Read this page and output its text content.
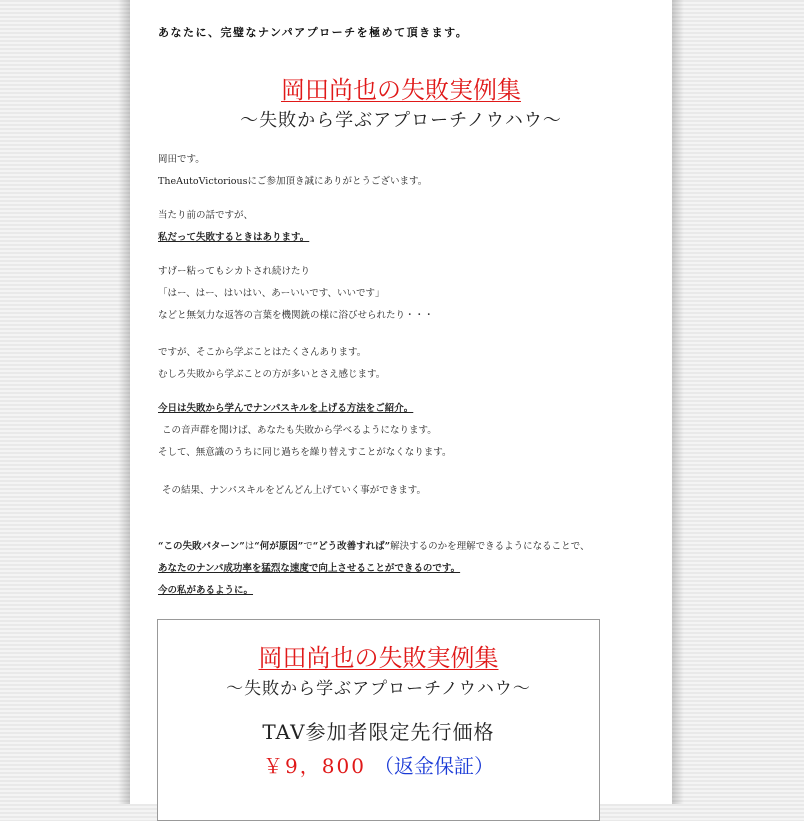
あなたに、完璧なナンパアプローチを極めて頂きます。
岡田尚也の失敗実例集
〜失敗から学ぶアプローチノウハウ〜
岡田です。
TheAutoVictoriousにご参加頂き誠にありがとうございます。
当たり前の話ですが、
私だって失敗するときはあります。
すげー粘ってもシカトされ続けたり
「はー、はー、はいはい、あーいいです、いいです」
などと無気力な返答の言葉を機関銃の様に浴びせられたり・・・
ですが、そこから学ぶことはたくさんあります。
むしろ失敗から学ぶことの方が多いとさえ感じます。
今日は失敗から学んでナンパスキルを上げる方法をご紹介。
この音声群を聞けば、あなたも失敗から学べるようになります。
そして、無意識のうちに同じ過ちを繰り替えすことがなくなります。
その結果、ナンパスキルをどんどん上げていく事ができます。
“この失敗パターン”は“何が原因”で“どう改善すれば”解決するのかを理解できるようになることで、
あなたのナンパ成功率を猛烈な速度で向上させることができるのです。
今の私があるように。
岡田尚也の失敗実例集
〜失敗から学ぶアプローチノウハウ〜
TAV参加者限定先行価格
￥9，800 （返金保証）
